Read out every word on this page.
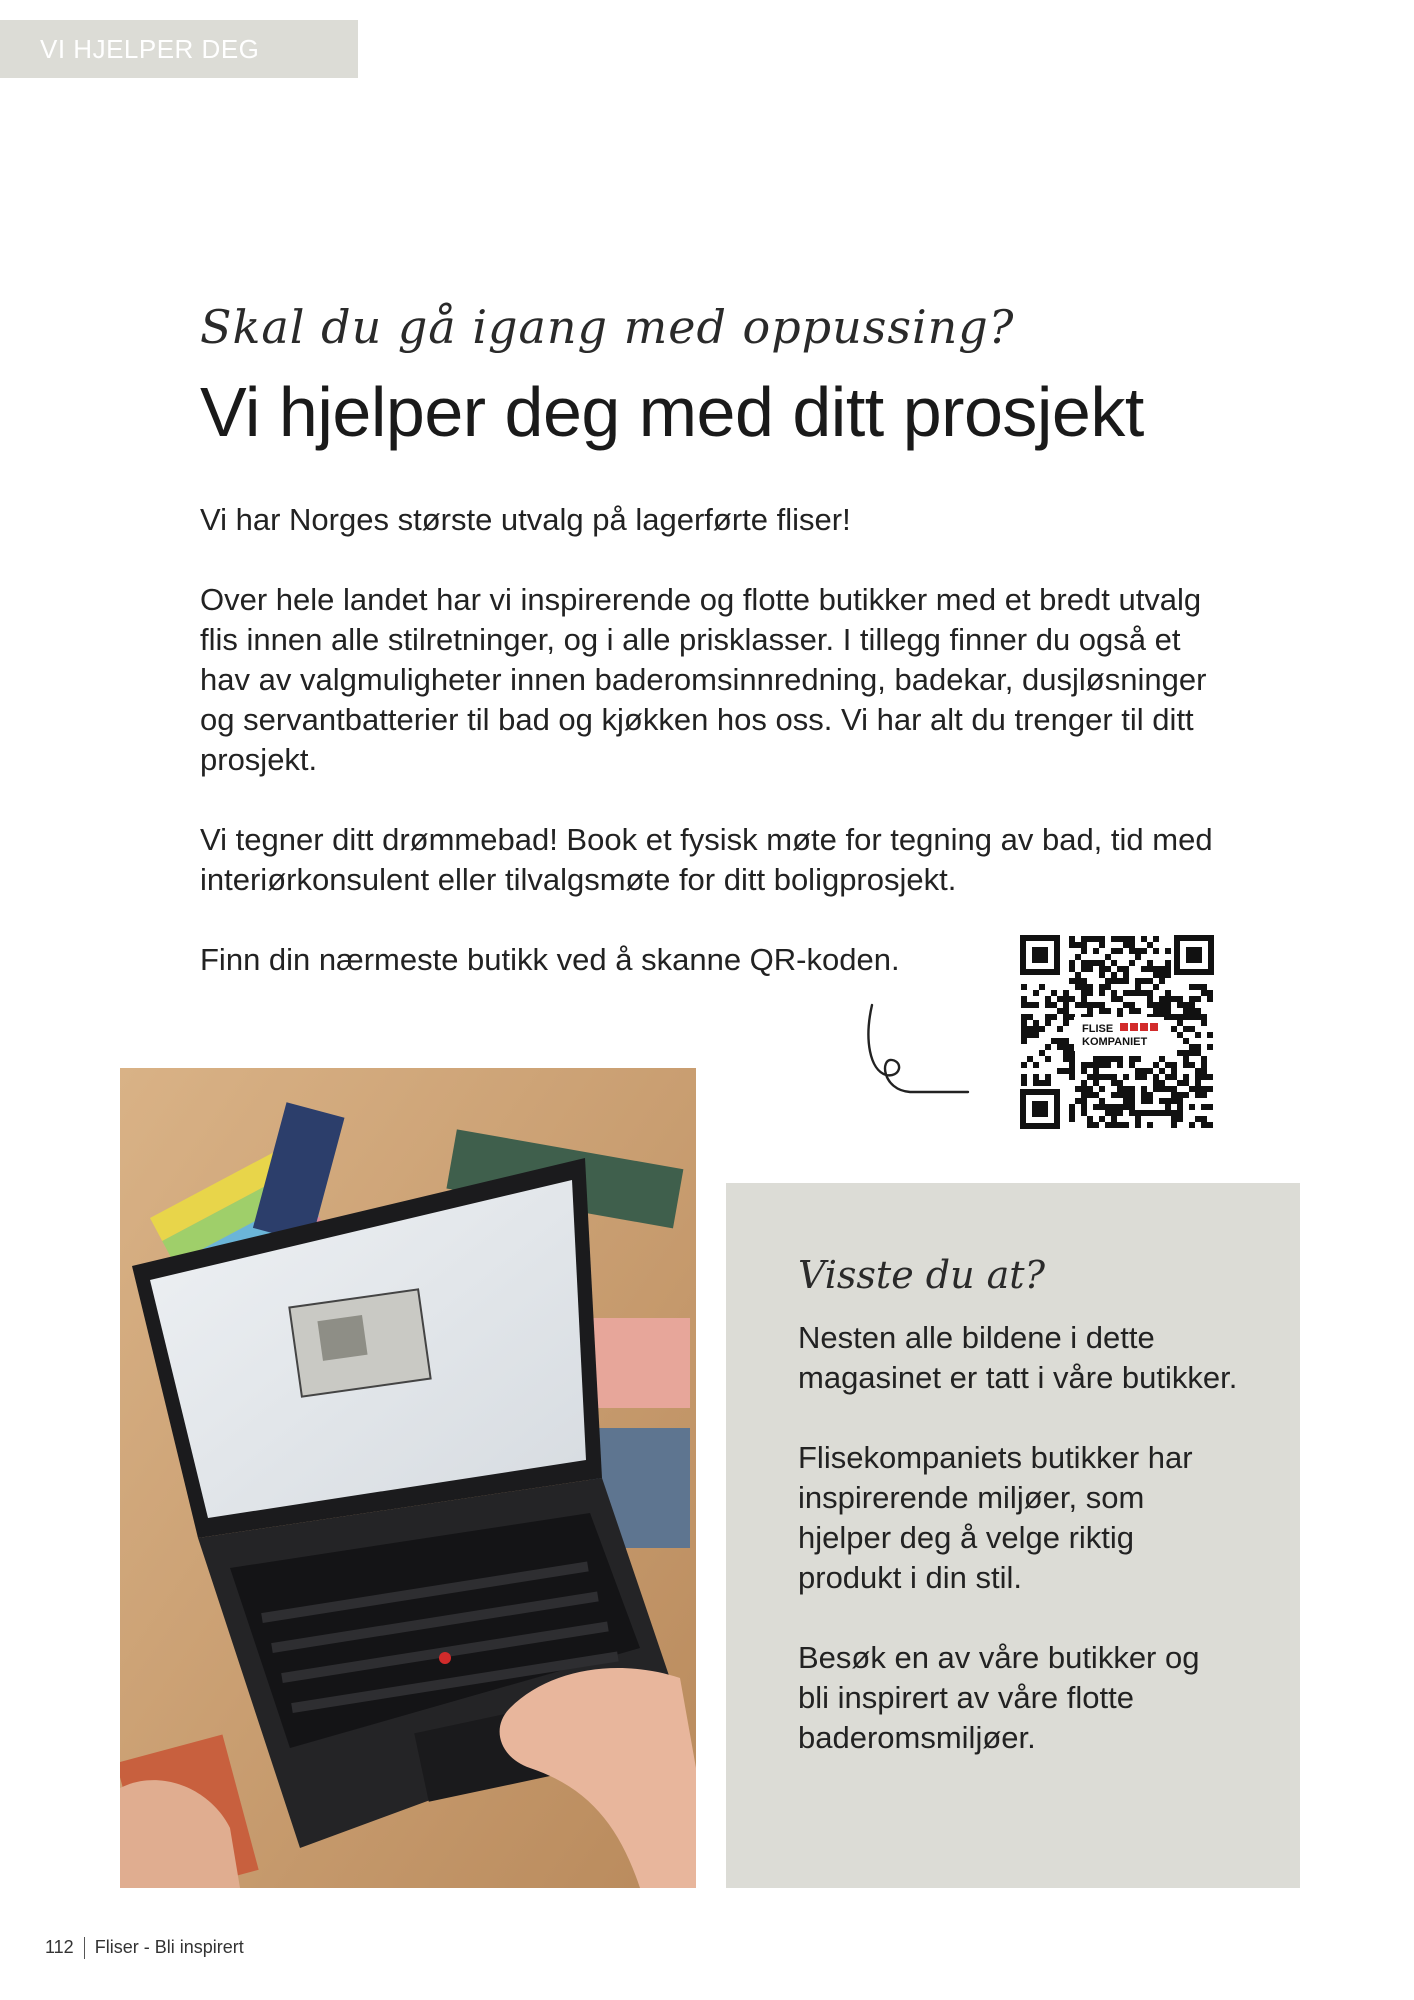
VI HJELPER DEG
Skal du gå igang med oppussing?
Vi hjelper deg med ditt prosjekt

Vi har Norges største utvalg på lagerførte fliser!

Over hele landet har vi inspirerende og flotte butikker med et bredt utvalg flis innen alle stilretninger, og i alle prisklasser. I tillegg finner du også et hav av valgmuligheter innen baderomsinnredning, badekar, dusjløsninger og servantbatterier til bad og kjøkken hos oss. Vi har alt du trenger til ditt prosjekt.

Vi tegner ditt drømmebad! Book et fysisk møte for tegning av bad, tid med interiørkonsulent eller tilvalgsmøte for ditt boligprosjekt.

Finn din nærmeste butikk ved å skanne QR-koden.

FLISE
KOMPANIET
Visste du at?

Nesten alle bildene i dette magasinet er tatt i våre butikker.

Flisekompaniets butikker har inspirerende miljøer, som hjelper deg å velge riktig produkt i din stil.

Besøk en av våre butikker og bli inspirert av våre flotte baderomsmiljøer.

112 Fliser - Bli inspirert
